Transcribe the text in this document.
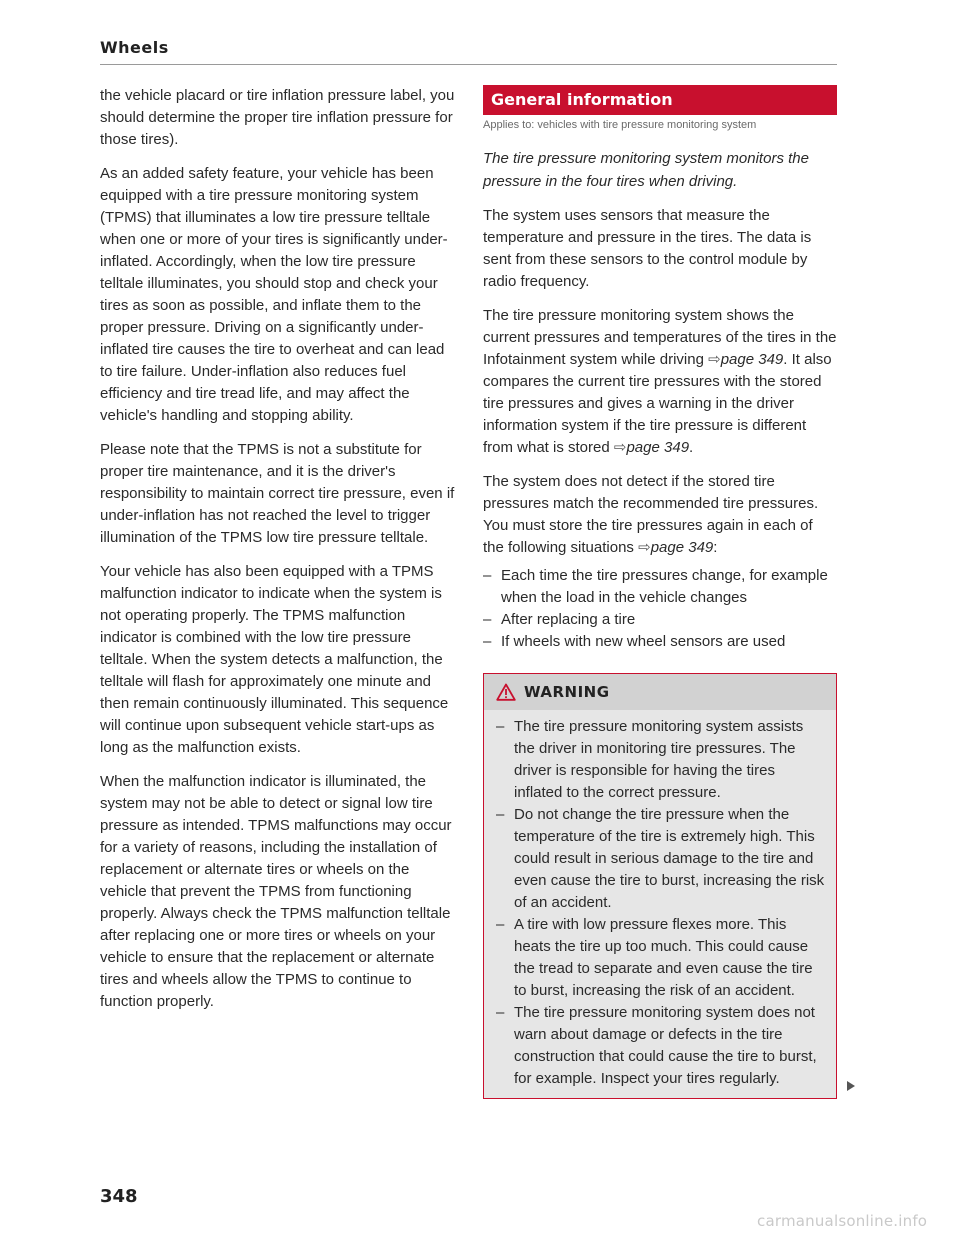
Wheels

the vehicle placard or tire inflation pressure label, you should determine the proper tire inflation pressure for those tires).

As an added safety feature, your vehicle has been equipped with a tire pressure monitoring system (TPMS) that illuminates a low tire pressure telltale when one or more of your tires is significantly under-inflated. Accordingly, when the low tire pressure telltale illuminates, you should stop and check your tires as soon as possible, and inflate them to the proper pressure. Driving on a significantly under-inflated tire causes the tire to overheat and can lead to tire failure. Under-inflation also reduces fuel efficiency and tire tread life, and may affect the vehicle's handling and stopping ability.

Please note that the TPMS is not a substitute for proper tire maintenance, and it is the driver's responsibility to maintain correct tire pressure, even if under-inflation has not reached the level to trigger illumination of the TPMS low tire pressure telltale.

Your vehicle has also been equipped with a TPMS malfunction indicator to indicate when the system is not operating properly. The TPMS malfunction indicator is combined with the low tire pressure telltale. When the system detects a malfunction, the telltale will flash for approximately one minute and then remain continuously illuminated. This sequence will continue upon subsequent vehicle start-ups as long as the malfunction exists.

When the malfunction indicator is illuminated, the system may not be able to detect or signal low tire pressure as intended. TPMS malfunctions may occur for a variety of reasons, including the installation of replacement or alternate tires or wheels on the vehicle that prevent the TPMS from functioning properly. Always check the TPMS malfunction telltale after replacing one or more tires or wheels on your vehicle to ensure that the replacement or alternate tires and wheels allow the TPMS to continue to function properly.

General information
Applies to: vehicles with tire pressure monitoring system
The tire pressure monitoring system monitors the pressure in the four tires when driving.

The system uses sensors that measure the temperature and pressure in the tires. The data is sent from these sensors to the control module by radio frequency.

The tire pressure monitoring system shows the current pressures and temperatures of the tires in the Infotainment system while driving ⇨page 349. It also compares the current tire pressures with the stored tire pressures and gives a warning in the driver information system if the tire pressure is different from what is stored ⇨page 349.

The system does not detect if the stored tire pressures match the recommended tire pressures. You must store the tire pressures again in each of the following situations ⇨page 349:

– Each time the tire pressures change, for example when the load in the vehicle changes
– After replacing a tire
– If wheels with new wheel sensors are used
WARNING
– The tire pressure monitoring system assists the driver in monitoring tire pressures. The driver is responsible for having the tires inflated to the correct pressure.
– Do not change the tire pressure when the temperature of the tire is extremely high. This could result in serious damage to the tire and even cause the tire to burst, increasing the risk of an accident.
– A tire with low pressure flexes more. This heats the tire up too much. This could cause the tread to separate and even cause the tire to burst, increasing the risk of an accident.
– The tire pressure monitoring system does not warn about damage or defects in the tire construction that could cause the tire to burst, for example. Inspect your tires regularly.
348
carmanualsonline.info
